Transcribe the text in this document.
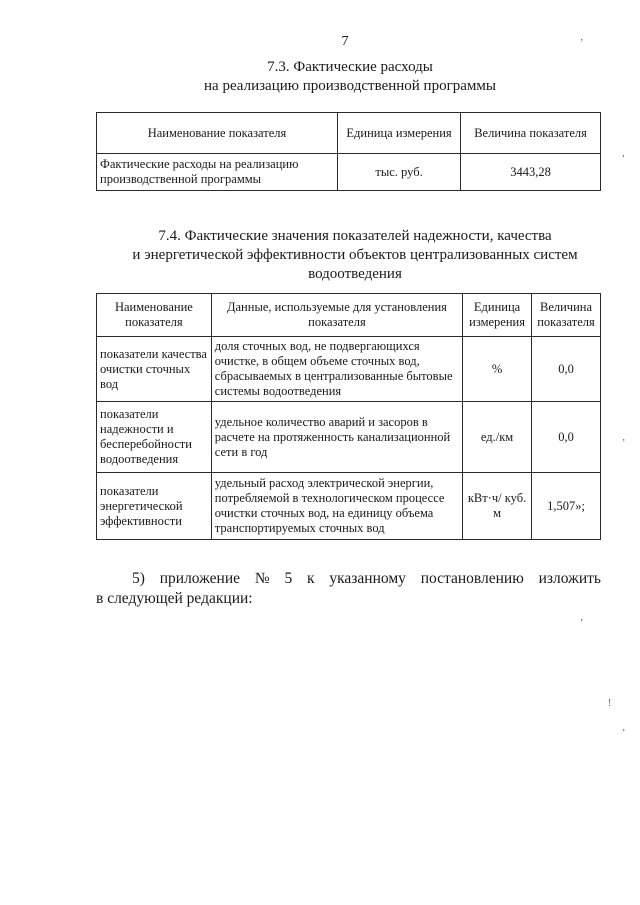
7
7.3. Фактические расходы
на реализацию производственной программы
Наименование показателя	Единица измерения	Величина показателя
Фактические расходы на реализацию производственной программы	тыс. руб.	3443,28
7.4. Фактические значения показателей надежности, качества
и энергетической эффективности объектов централизованных систем
водоотведения
Наименование показателя	Данные, используемые для установления показателя	Единица измерения	Величина показателя
показатели качества очистки сточных вод	доля сточных вод, не подвергающихся очистке, в общем объеме сточных вод, сбрасываемых в централизованные бытовые системы водоотведения	%	0,0
показатели надежности и бесперебойности водоотведения	удельное количество аварий и засоров в расчете на протяженность канализационной сети в год	ед./км	0,0
показатели энергетической эффективности	удельный расход электрической энергии, потребляемой в технологическом процессе очистки сточных вод, на единицу объема транспортируемых сточных вод	кВт·ч/ куб. м	1,507»;
5) приложение № 5 к указанному постановлению изложить
в следующей редакции:
’
,
’
’
!
’
